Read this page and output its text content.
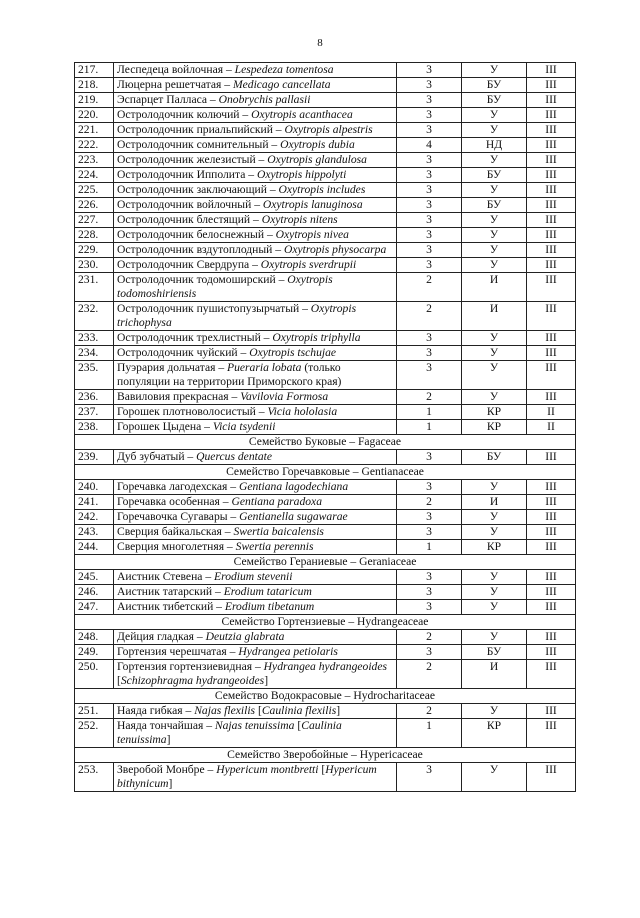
8
217.	Леспедеца войлочная – Lespedeza tomentosa	3	У	III
218.	Люцерна решетчатая – Medicago cancellata	3	БУ	III
219.	Эспарцет Палласа – Onobrychis pallasii	3	БУ	III
220.	Остролодочник колючий – Oxytropis acanthacea	3	У	III
221.	Остролодочник приальпийский – Oxytropis alpestris	3	У	III
222.	Остролодочник сомнительный – Oxytropis dubia	4	НД	III
223.	Остролодочник железистый – Oxytropis glandulosa	3	У	III
224.	Остролодочник Ипполита – Oxytropis hippolyti	3	БУ	III
225.	Остролодочник заключающий – Oxytropis includes	3	У	III
226.	Остролодочник войлочный – Oxytropis lanuginosa	3	БУ	III
227.	Остролодочник блестящий – Oxytropis nitens	3	У	III
228.	Остролодочник белоснежный – Oxytropis nivea	3	У	III
229.	Остролодочник вздутоплодный – Oxytropis physocarpa	3	У	III
230.	Остролодочник Свердрупа – Oxytropis sverdrupii	3	У	III
231.	Остролодочник тодомоширский – Oxytropis todomoshiriensis	2	И	III
232.	Остролодочник пушистопузырчатый – Oxytropis trichophysa	2	И	III
233.	Остролодочник трехлистный – Oxytropis triphylla	3	У	III
234.	Остролодочник чуйский – Oxytropis tschujae	3	У	III
235.	Пуэрария дольчатая – Pueraria lobata (только популяции на территории Приморского края)	3	У	III
236.	Вавиловия прекрасная – Vavilovia Formosa	2	У	III
237.	Горошек плотноволосистый – Vicia hololasia	1	КР	II
238.	Горошек Цыдена – Vicia tsydenii	1	КР	II
Семейство Буковые – Fagaceae				
239.	Дуб зубчатый – Quercus dentate	3	БУ	III
Семейство Горечавковые – Gentianaceae				
240.	Горечавка лагодехская – Gentiana lagodechiana	3	У	III
241.	Горечавка особенная – Gentiana paradoxa	2	И	III
242.	Горечавочка Сугавары – Gentianella sugawarae	3	У	III
243.	Сверция байкальская – Swertia baicalensis	3	У	III
244.	Сверция многолетняя – Swertia perennis	1	КР	III
Семейство Гераниевые – Geraniaceae				
245.	Аистник Стевена – Erodium stevenii	3	У	III
246.	Аистник татарский – Erodium tataricum	3	У	III
247.	Аистник тибетский – Erodium tibetanum	3	У	III
Семейство Гортензиевые – Hydrangeaceae				
248.	Дейция гладкая – Deutzia glabrata	2	У	III
249.	Гортензия черешчатая – Hydrangea petiolaris	3	БУ	III
250.	Гортензия гортензиевидная – Hydrangea hydrangeoides [Schizophragma hydrangeoides]	2	И	III
Семейство Водокрасовые – Hydrocharitaceae				
251.	Наяда гибкая – Najas flexilis [Caulinia flexilis]	2	У	III
252.	Наяда тончайшая – Najas tenuissima [Caulinia tenuissima]	1	КР	III
Семейство Зверобойные – Hypericaceae				
253.	Зверобой Монбре – Hypericum montbretti [Hypericum bithynicum]	3	У	III
